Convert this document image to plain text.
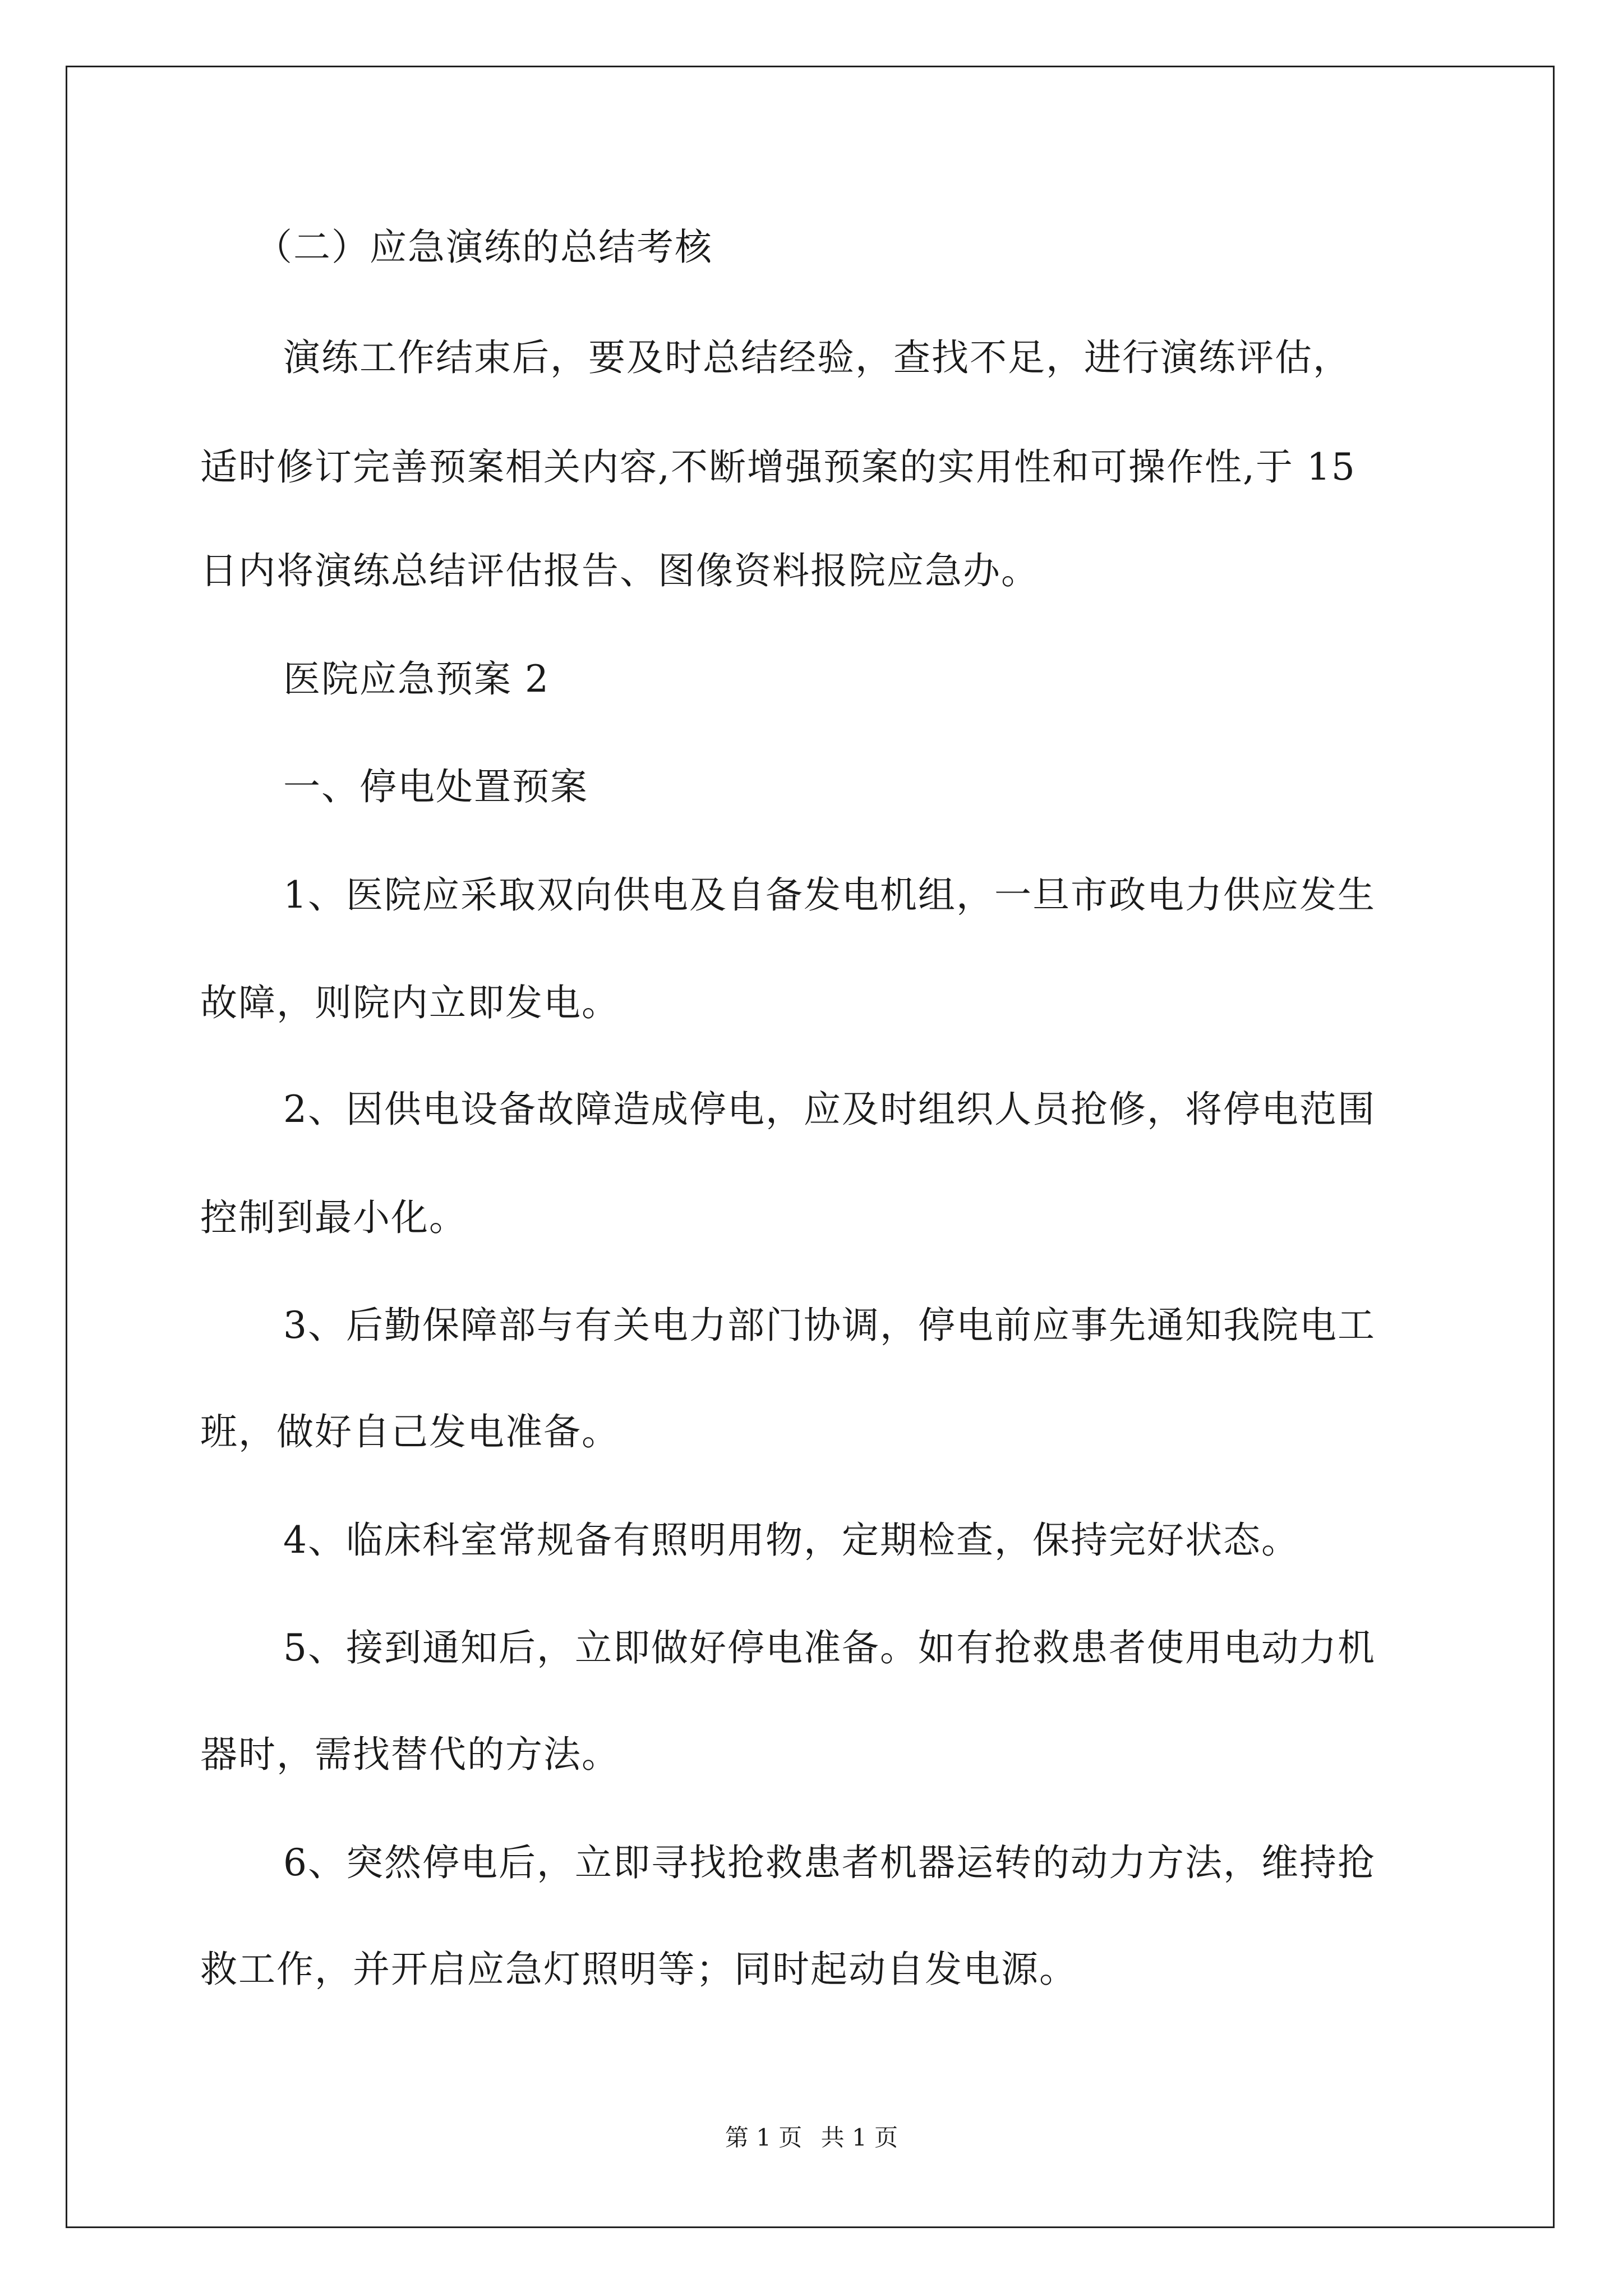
（二）应急演练的总结考核
演练工作结束后，要及时总结经验，查找不足，进行演练评估，
适时修订完善预案相关内容,不断增强预案的实用性和可操作性,于 15
日内将演练总结评估报告、图像资料报院应急办。
医院应急预案 2
一、停电处置预案
1、医院应采取双向供电及自备发电机组，一旦市政电力供应发生
故障，则院内立即发电。
2、因供电设备故障造成停电，应及时组织人员抢修，将停电范围
控制到最小化。
3、后勤保障部与有关电力部门协调，停电前应事先通知我院电工
班，做好自己发电准备。
4、临床科室常规备有照明用物，定期检查，保持完好状态。
5、接到通知后，立即做好停电准备。如有抢救患者使用电动力机
器时，需找替代的方法。
6、突然停电后，立即寻找抢救患者机器运转的动力方法，维持抢
救工作，并开启应急灯照明等；同时起动自发电源。
第 1 页 共 1 页
